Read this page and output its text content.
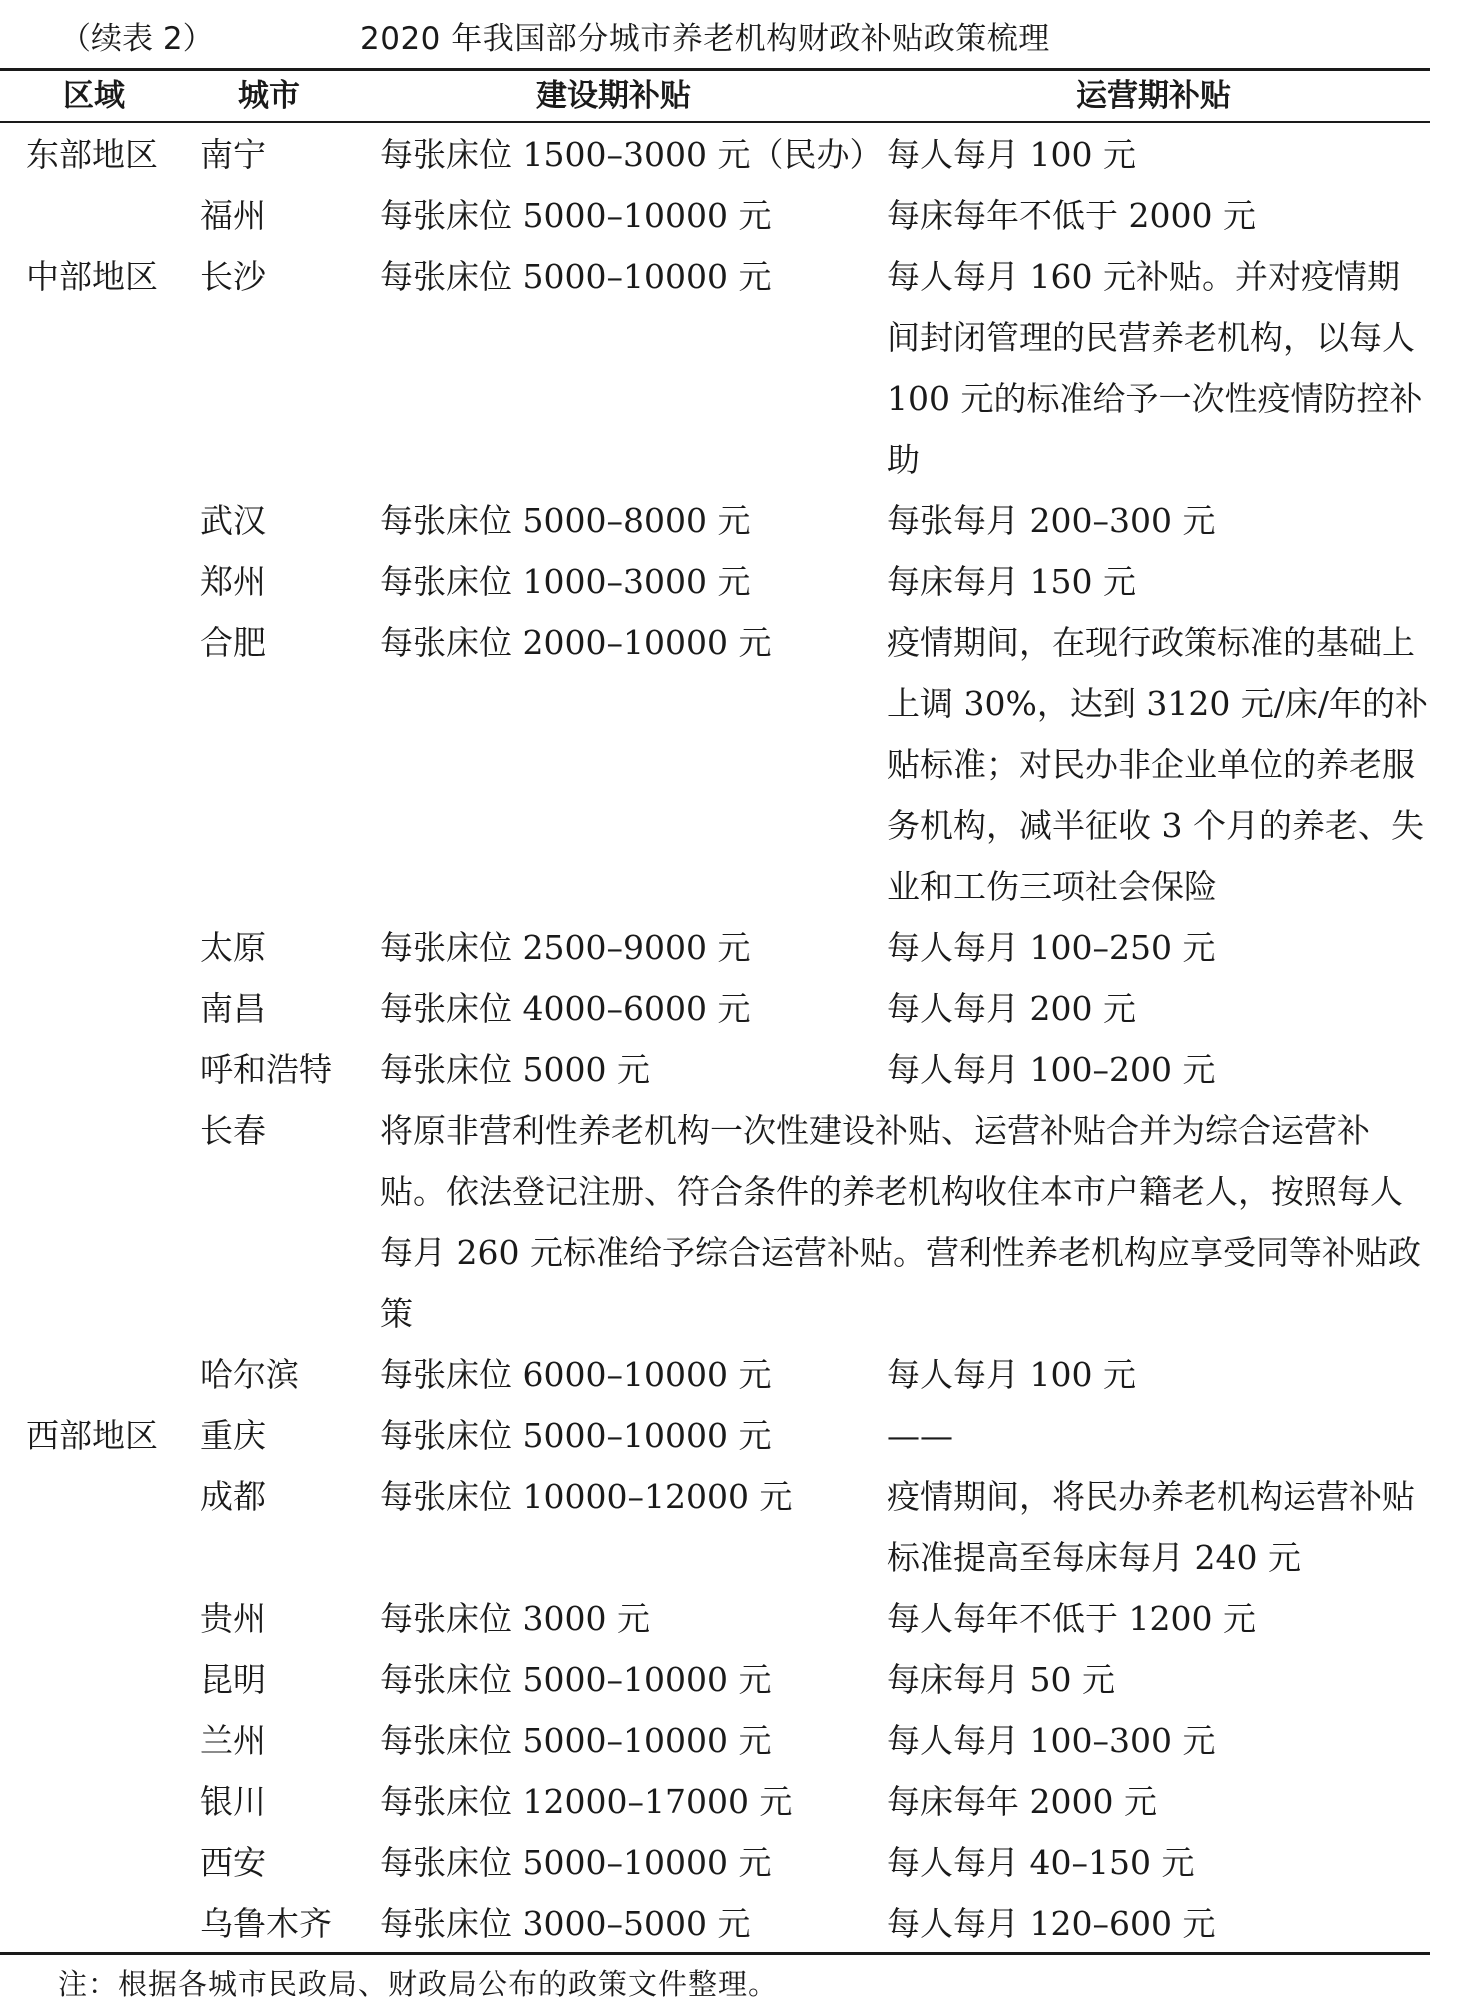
（续表 2）	2020 年我国部分城市养老机构财政补贴政策梳理
区域	城市	建设期补贴	运营期补贴
东部地区	南宁	每张床位 1500–3000 元（民办）	每人每月 100 元
	福州	每张床位 5000–10000 元	每床每年不低于 2000 元
中部地区	长沙	每张床位 5000–10000 元	每人每月 160 元补贴。并对疫情期间封闭管理的民营养老机构，以每人 100 元的标准给予一次性疫情防控补助
	武汉	每张床位 5000–8000 元	每张每月 200–300 元
	郑州	每张床位 1000–3000 元	每床每月 150 元
	合肥	每张床位 2000–10000 元	疫情期间，在现行政策标准的基础上上调 30%，达到 3120 元/床/年的补贴标准；对民办非企业单位的养老服务机构，减半征收 3 个月的养老、失业和工伤三项社会保险
	太原	每张床位 2500–9000 元	每人每月 100–250 元
	南昌	每张床位 4000–6000 元	每人每月 200 元
	呼和浩特	每张床位 5000 元	每人每月 100–200 元
	长春	将原非营利性养老机构一次性建设补贴、运营补贴合并为综合运营补贴。依法登记注册、符合条件的养老机构收住本市户籍老人，按照每人每月 260 元标准给予综合运营补贴。营利性养老机构应享受同等补贴政策	
	哈尔滨	每张床位 6000–10000 元	每人每月 100 元
西部地区	重庆	每张床位 5000–10000 元	——
	成都	每张床位 10000–12000 元	疫情期间，将民办养老机构运营补贴标准提高至每床每月 240 元
	贵州	每张床位 3000 元	每人每年不低于 1200 元
	昆明	每张床位 5000–10000 元	每床每月 50 元
	兰州	每张床位 5000–10000 元	每人每月 100–300 元
	银川	每张床位 12000–17000 元	每床每年 2000 元
	西安	每张床位 5000–10000 元	每人每月 40–150 元
	乌鲁木齐	每张床位 3000–5000 元	每人每月 120–600 元
注：根据各城市民政局、财政局公布的政策文件整理。
